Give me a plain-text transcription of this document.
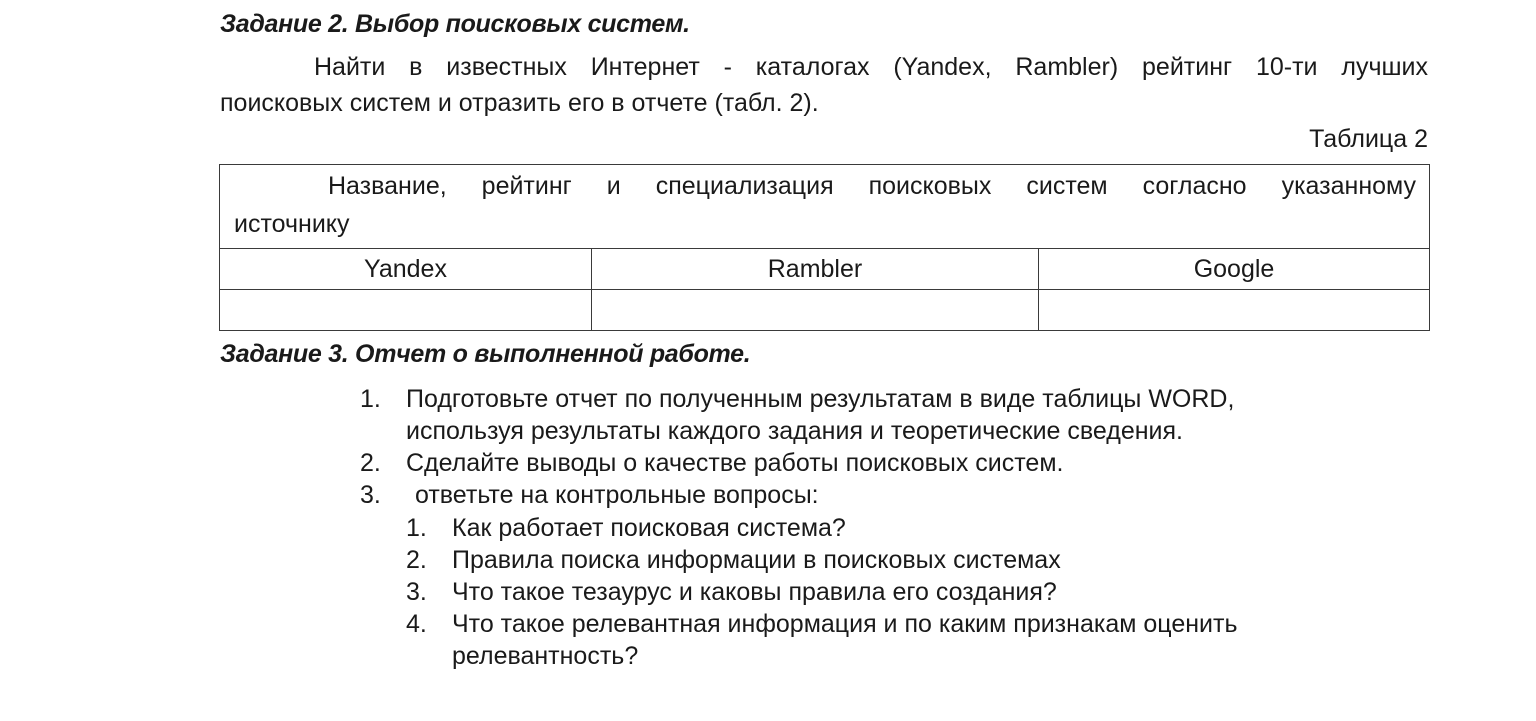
Задание 2. Выбор поисковых систем.
Найти в известных Интернет - каталогах (Yandex, Rambler) рейтинг 10-ти лучших
поисковых систем и отразить его в отчете (табл. 2).
Таблица 2
Название, рейтинг и специализация поисковых систем согласно указанному
источнику		

Yandex	Rambler	Google

Задание 3. Отчет о выполненной работе.
1.	Подготовьте отчет по полученным результатам в виде таблицы WORD,
используя результаты каждого задания и теоретические сведения.
2.	Сделайте выводы о качестве работы поисковых систем.
3.	ответьте на контрольные вопросы:
1.	Как работает поисковая система?
2.	Правила поиска информации в поисковых системах
3.	Что такое тезаурус и каковы правила его создания?
4.	Что такое релевантная информация и по каким признакам оценить
релевантность?
